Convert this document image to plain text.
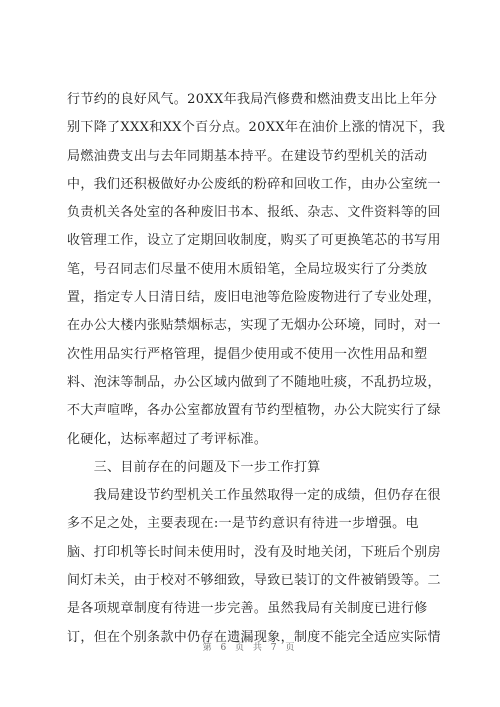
行节约的良好风气。20XX年我局汽修费和燃油费支出比上年分
别下降了XXX和XX个百分点。20XX年在油价上涨的情况下，我
局燃油费支出与去年同期基本持平。在建设节约型机关的活动
中，我们还积极做好办公废纸的粉碎和回收工作，由办公室统一
负责机关各处室的各种废旧书本、报纸、杂志、文件资料等的回
收管理工作，设立了定期回收制度，购买了可更换笔芯的书写用
笔，号召同志们尽量不使用木质铅笔，全局垃圾实行了分类放
置，指定专人日清日结，废旧电池等危险废物进行了专业处理，
在办公大楼内张贴禁烟标志，实现了无烟办公环境，同时，对一
次性用品实行严格管理，提倡少使用或不使用一次性用品和塑
料、泡沫等制品，办公区域内做到了不随地吐痰，不乱扔垃圾，
不大声喧哗，各办公室都放置有节约型植物，办公大院实行了绿
化硬化，达标率超过了考评标准。
　　三、目前存在的问题及下一步工作打算
　　我局建设节约型机关工作虽然取得一定的成绩，但仍存在很
多不足之处，主要表现在:一是节约意识有待进一步增强。电
脑、打印机等长时间未使用时，没有及时地关闭，下班后个别房
间灯未关，由于校对不够细致，导致已装订的文件被销毁等。二
是各项规章制度有待进一步完善。虽然我局有关制度已进行修
订，但在个别条款中仍存在遗漏现象，制度不能完全适应实际情
第 6 页 共 7 页
